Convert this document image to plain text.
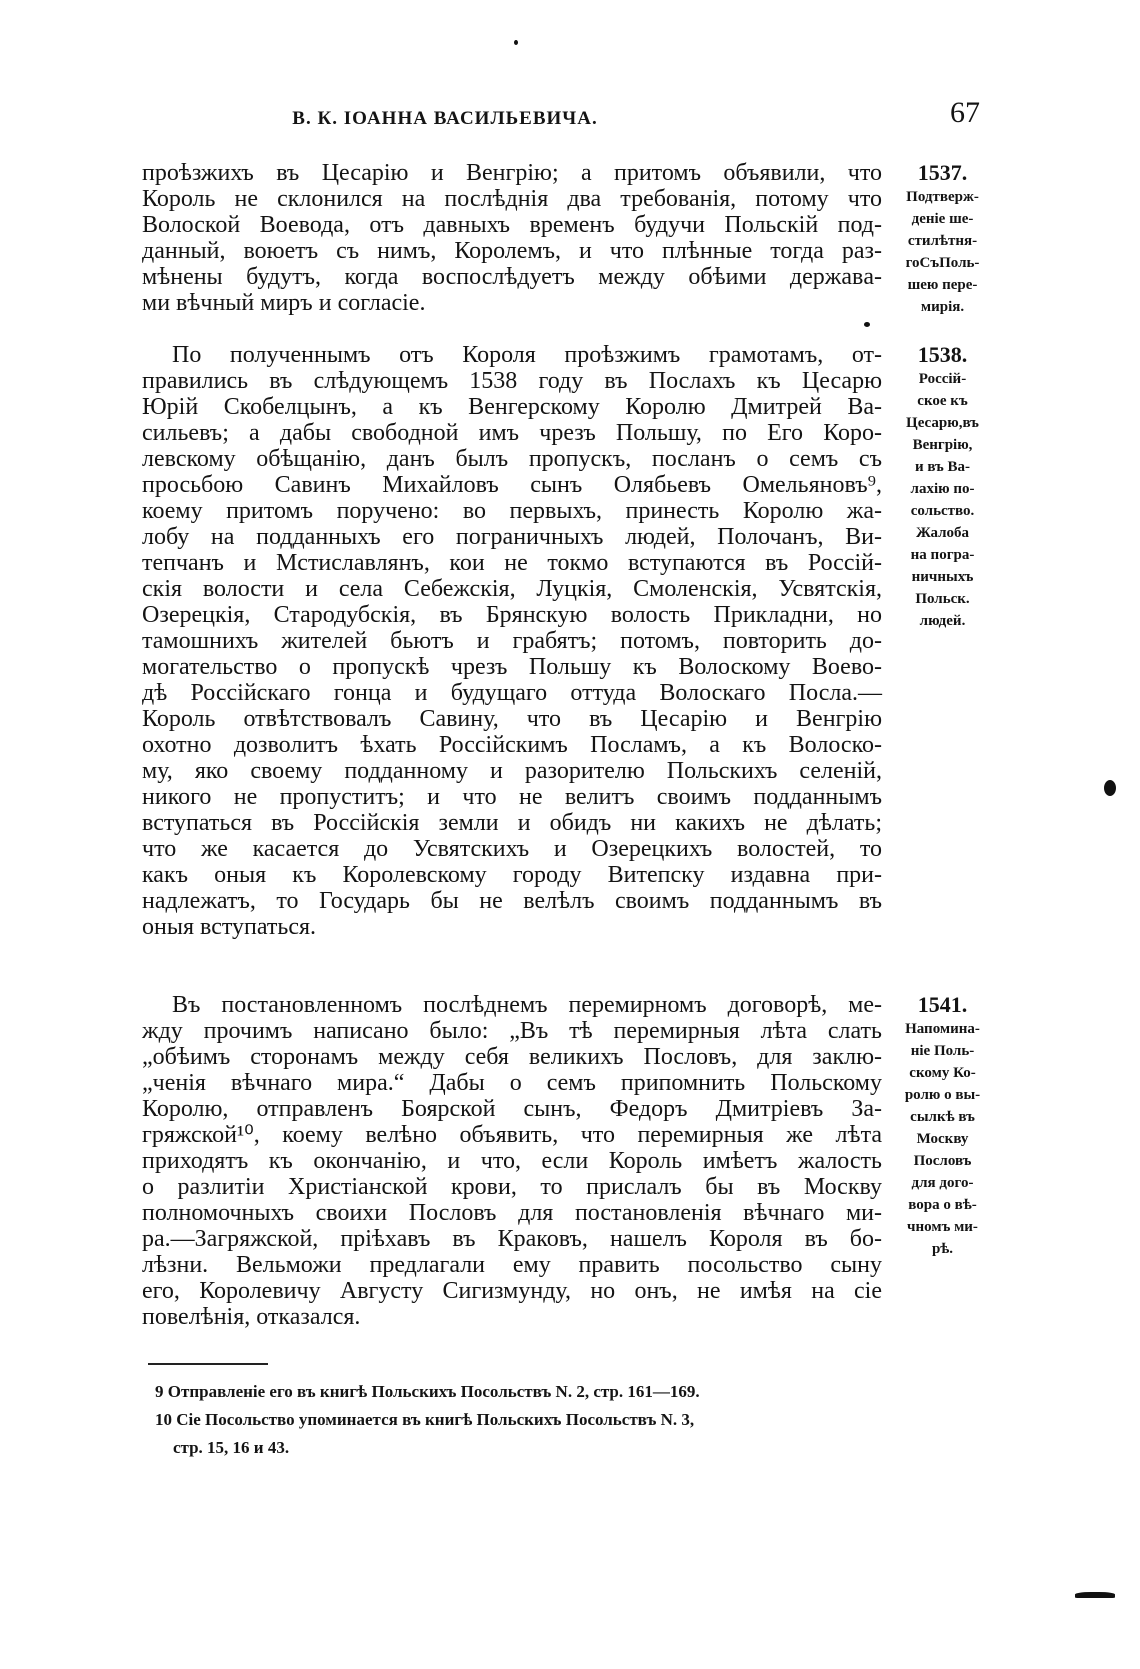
В. К. ІОАННА ВАСИЛЬЕВИЧА.	67
проѣзжихъ въ Цесарію и Венгрію; а притомъ объявили, что
Король не склонился на послѣднія два требованія, потому что
Волоской Воевода, отъ давныхъ временъ будучи Польскій под-
данный, воюетъ съ нимъ, Королемъ, и что плѣнные тогда раз-
мѣнены будутъ, когда воспослѣдуетъ между обѣими державa-
ми вѣчный миръ и согласіе.
По полученнымъ отъ Короля проѣзжимъ грамотамъ, от-
правились въ слѣдующемъ 1538 году въ Послахъ къ Цесарю
Юрій Скобелцынъ, а къ Венгерскому Королю Дмитрей Ва-
сильевъ; а дабы свободной имъ чрезъ Польшу, по Его Коро-
левскому обѣщанію, данъ былъ пропускъ, посланъ о семъ съ
просьбою Савинъ Михайловъ сынъ Олябьевъ Омельяновъ⁹,
коему притомъ поручено: во первыхъ, принесть Королю жа-
лобу на подданныхъ его пограничныхъ людей, Полочанъ, Ви-
тепчанъ и Мстиславлянъ, кои не токмо вступаются въ Россій-
скія волости и села Себежскія, Луцкія, Смоленскія, Усвятскія,
Озерецкія, Стародубскія, въ Брянскую волость Прикладни, но
тамошнихъ жителей бьютъ и грабятъ; потомъ, повторить до-
могательство о пропускѣ чрезъ Польшу къ Волоскому Воево-
дѣ Россійскаго гонца и будущаго оттуда Волоскаго Посла.—
Король отвѣтствовалъ Савину, что въ Цесарію и Венгрію
охотно дозволитъ ѣхать Россійскимъ Посламъ, а къ Волоско-
му, яко своему подданному и разорителю Польскихъ селеній,
никого не пропуститъ; и что не велитъ своимъ подданнымъ
вступаться въ Россійскія земли и обидъ ни какихъ не дѣлать;
что же касается до Усвятскихъ и Озерецкихъ волостей, то
какъ оныя къ Королевскому городу Витепску издавна при-
надлежатъ, то Государь бы не велѣлъ своимъ подданнымъ въ
оныя вступаться.
Въ постановленномъ послѣднемъ перемирномъ договорѣ, ме-
жду прочимъ написано было: „Въ тѣ перемирныя лѣта слать
„обѣимъ сторонамъ между себя великихъ Пословъ, для заклю-
„ченія вѣчнаго мира.“ Дабы о семъ припомнить Польскому
Королю, отправленъ Боярской сынъ, Федоръ Дмитріевъ За-
гряжской¹⁰, коему велѣно объявить, что перемирныя же лѣта
приходятъ къ окончанію, и что, если Король имѣетъ жалость
о разлитіи Христіанской крови, то прислалъ бы въ Москву
полномочныхъ своихи Пословъ для постановленія вѣчнаго ми-
ра.—Загряжской, пріѣхавъ въ Краковъ, нашелъ Короля въ бо-
лѣзни. Вельможи предлагали ему править посольство сыну
его, Королевичу Августу Сигизмунду, но онъ, не имѣя на сіе
повелѣнія, отказался.
1537.
Подтверж-
деніе ше-
стилѣтня-
гоСъПоль-
шею пере-
мирія.
1538.
Россій-
ское къ
Цесарю,въ
Венгрію,
и въ Ва-
лахію по-
сольство.
Жалоба
на погра-
ничныхъ
Польск.
людей.
1541.
Напомина-
ніе Поль-
скому Ко-
ролю о вы-
сылкѣ въ
Москву
Пословъ
для дого-
вора о вѣ-
чномъ ми-
рѣ.
9 Отправленіе его въ книгѣ Польскихъ Посольствъ N. 2, стр. 161—169.
10 Сіе Посольство упоминается въ книгѣ Польскихъ Посольствъ N. 3,
стр. 15, 16 и 43.
